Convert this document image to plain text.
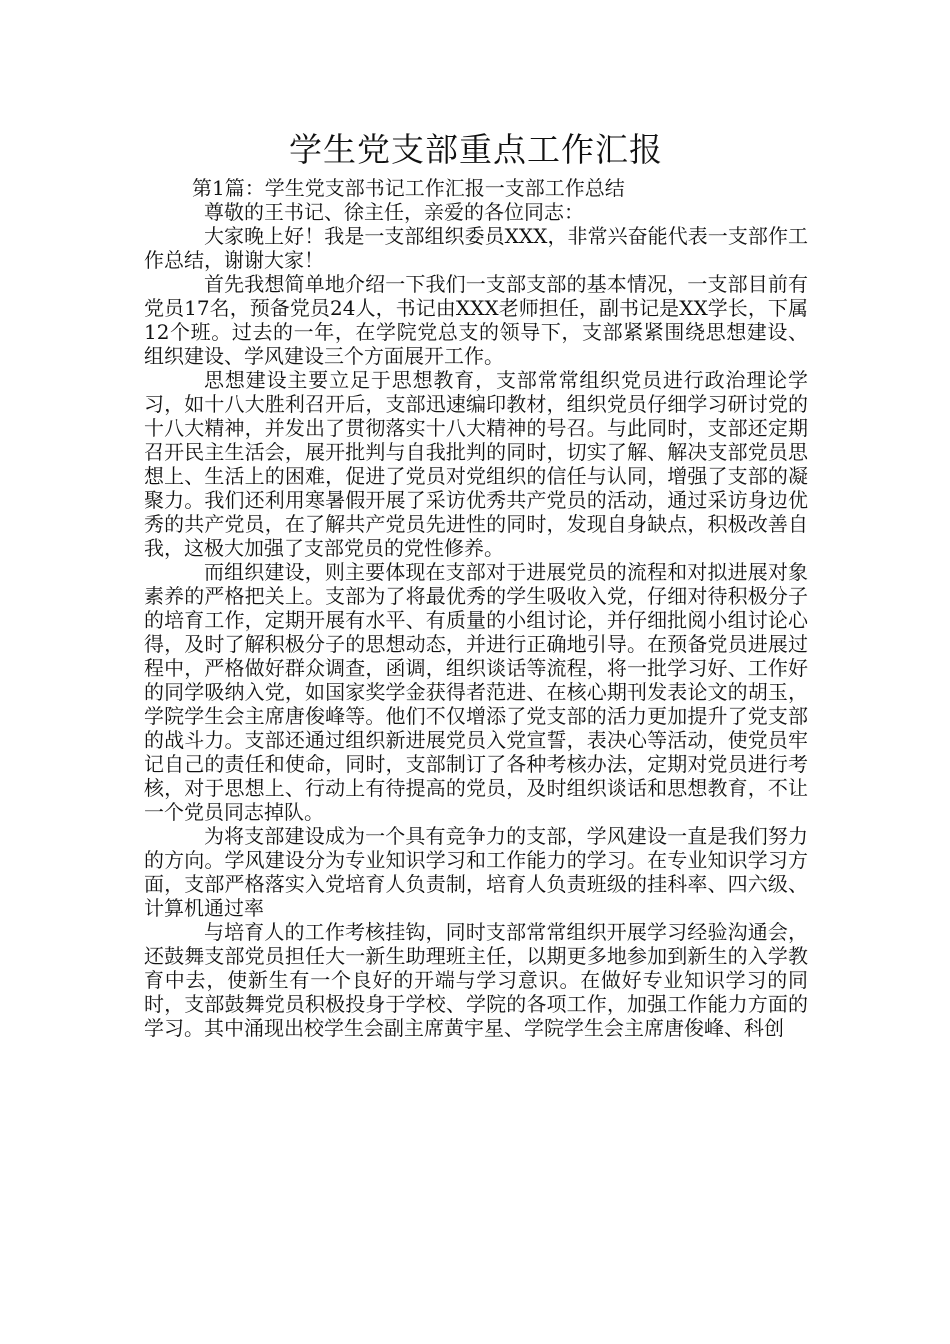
学生党支部重点工作汇报
第1篇：学生党支部书记工作汇报一支部工作总结
尊敬的王书记、徐主任，亲爱的各位同志：

大家晚上好！我是一支部组织委员XXX，非常兴奋能代表一支部作工作总结，谢谢大家！

首先我想简单地介绍一下我们一支部支部的基本情况，一支部目前有党员17名，预备党员24人，书记由XXX老师担任，副书记是XX学长，下属12个班。过去的一年，在学院党总支的领导下，支部紧紧围绕思想建设、组织建设、学风建设三个方面展开工作。

思想建设主要立足于思想教育，支部常常组织党员进行政治理论学习，如十八大胜利召开后，支部迅速编印教材，组织党员仔细学习研讨党的十八大精神，并发出了贯彻落实十八大精神的号召。与此同时，支部还定期召开民主生活会，展开批判与自我批判的同时，切实了解、解决支部党员思想上、生活上的困难，促进了党员对党组织的信任与认同，增强了支部的凝聚力。我们还利用寒暑假开展了采访优秀共产党员的活动，通过采访身边优秀的共产党员，在了解共产党员先进性的同时，发现自身缺点，积极改善自我，这极大加强了支部党员的党性修养。

而组织建设，则主要体现在支部对于进展党员的流程和对拟进展对象素养的严格把关上。支部为了将最优秀的学生吸收入党，仔细对待积极分子的培育工作，定期开展有水平、有质量的小组讨论，并仔细批阅小组讨论心得，及时了解积极分子的思想动态，并进行正确地引导。在预备党员进展过程中，严格做好群众调查，函调，组织谈话等流程，将一批学习好、工作好的同学吸纳入党，如国家奖学金获得者范进、在核心期刊发表论文的胡玉，学院学生会主席唐俊峰等。他们不仅增添了党支部的活力更加提升了党支部的战斗力。支部还通过组织新进展党员入党宣誓，表决心等活动，使党员牢记自己的责任和使命，同时，支部制订了各种考核办法，定期对党员进行考核，对于思想上、行动上有待提高的党员，及时组织谈话和思想教育，不让一个党员同志掉队。

为将支部建设成为一个具有竞争力的支部，学风建设一直是我们努力的方向。学风建设分为专业知识学习和工作能力的学习。在专业知识学习方面，支部严格落实入党培育人负责制，培育人负责班级的挂科率、四六级、计算机通过率

与培育人的工作考核挂钩，同时支部常常组织开展学习经验沟通会，还鼓舞支部党员担任大一新生助理班主任，以期更多地参加到新生的入学教育中去，使新生有一个良好的开端与学习意识。在做好专业知识学习的同时，支部鼓舞党员积极投身于学校、学院的各项工作，加强工作能力方面的学习。其中涌现出校学生会副主席黄宇星、学院学生会主席唐俊峰、科创
